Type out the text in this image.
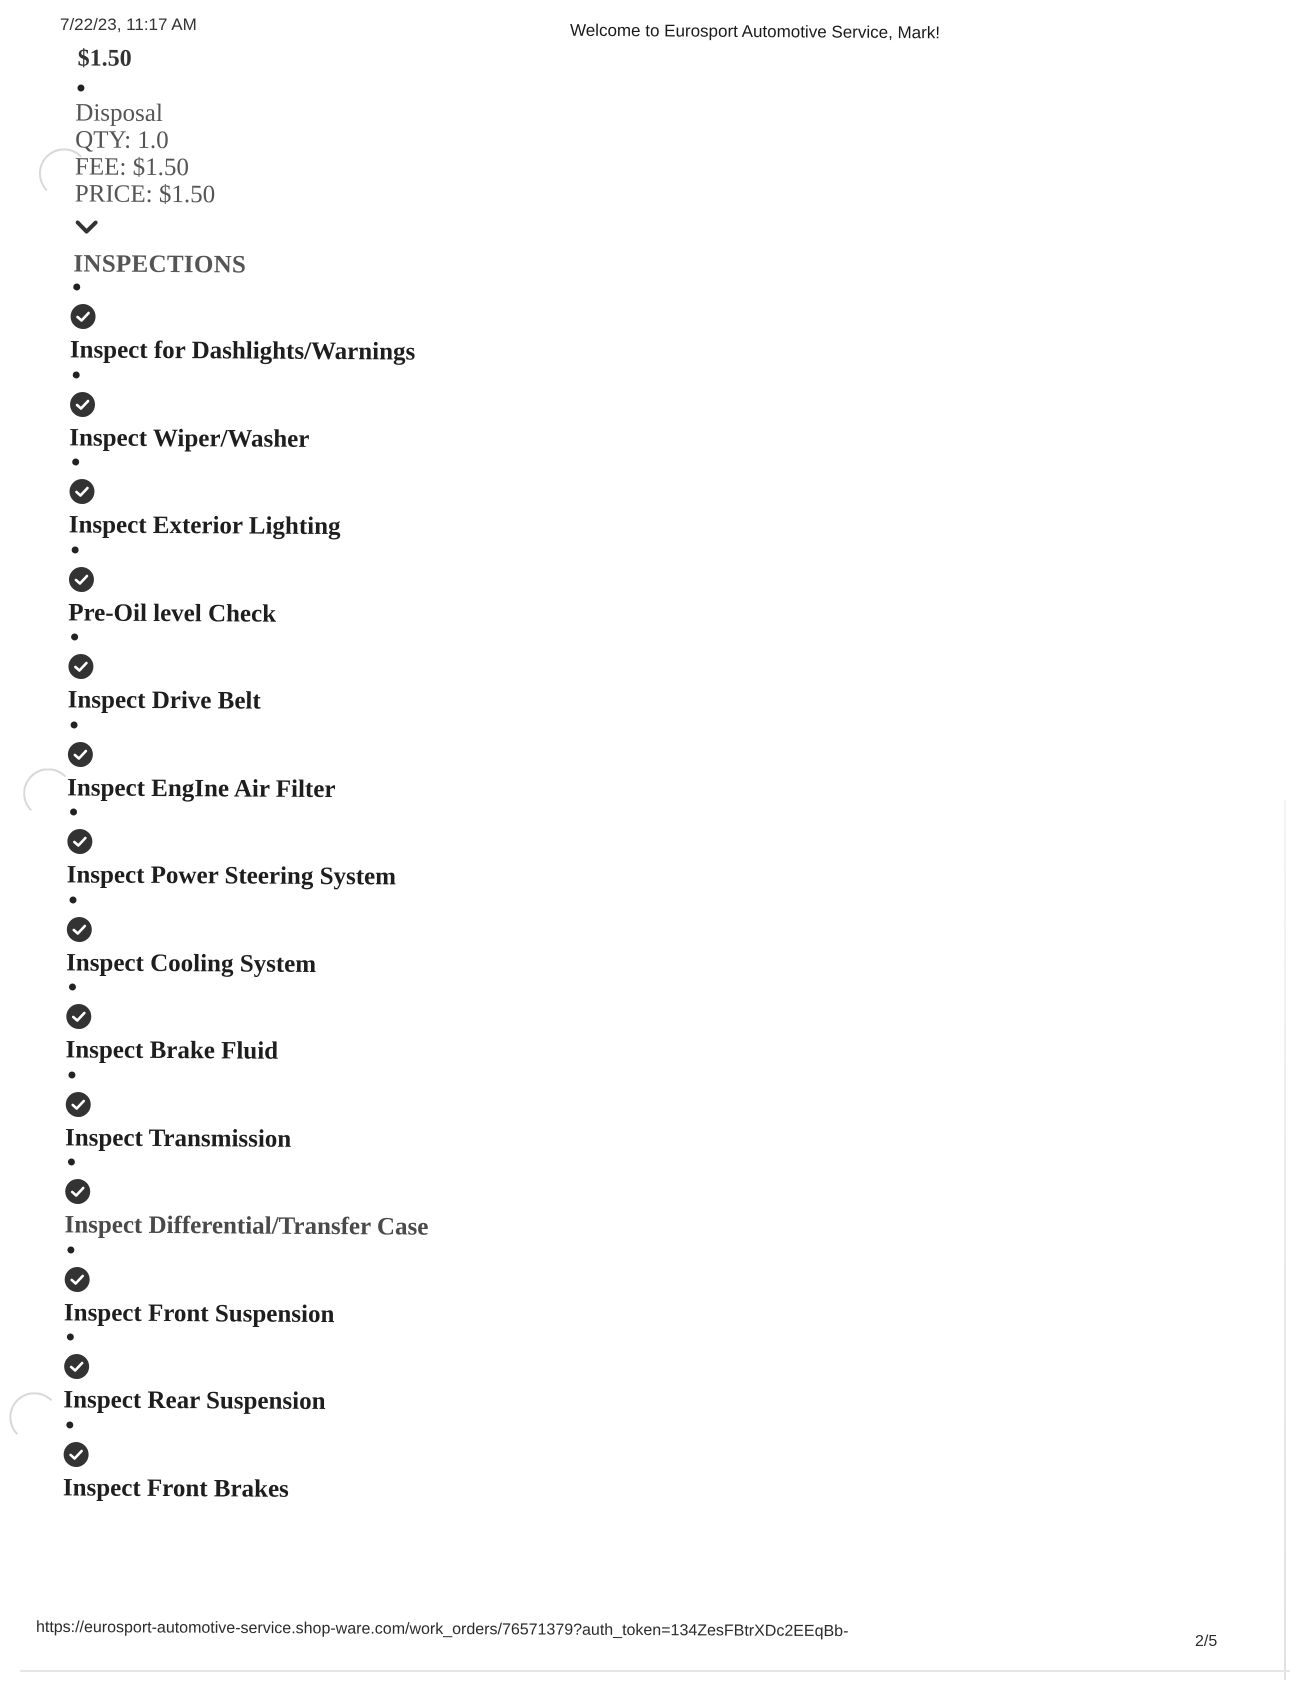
7/22/23, 11:17 AM	Welcome to Eurosport Automotive Service, Mark!
$1.50
Disposal
QTY: 1.0
FEE: $1.50
PRICE: $1.50
INSPECTIONS
Inspect for Dashlights/Warnings
Inspect Wiper/Washer
Inspect Exterior Lighting
Pre-Oil level Check
Inspect Drive Belt
Inspect EngIne Air Filter
Inspect Power Steering System
Inspect Cooling System
Inspect Brake Fluid
Inspect Transmission
Inspect Differential/Transfer Case
Inspect Front Suspension
Inspect Rear Suspension
Inspect Front Brakes
https://eurosport-automotive-service.shop-ware.com/work_orders/76571379?auth_token=134ZesFBtrXDc2EEqBb-
2/5
